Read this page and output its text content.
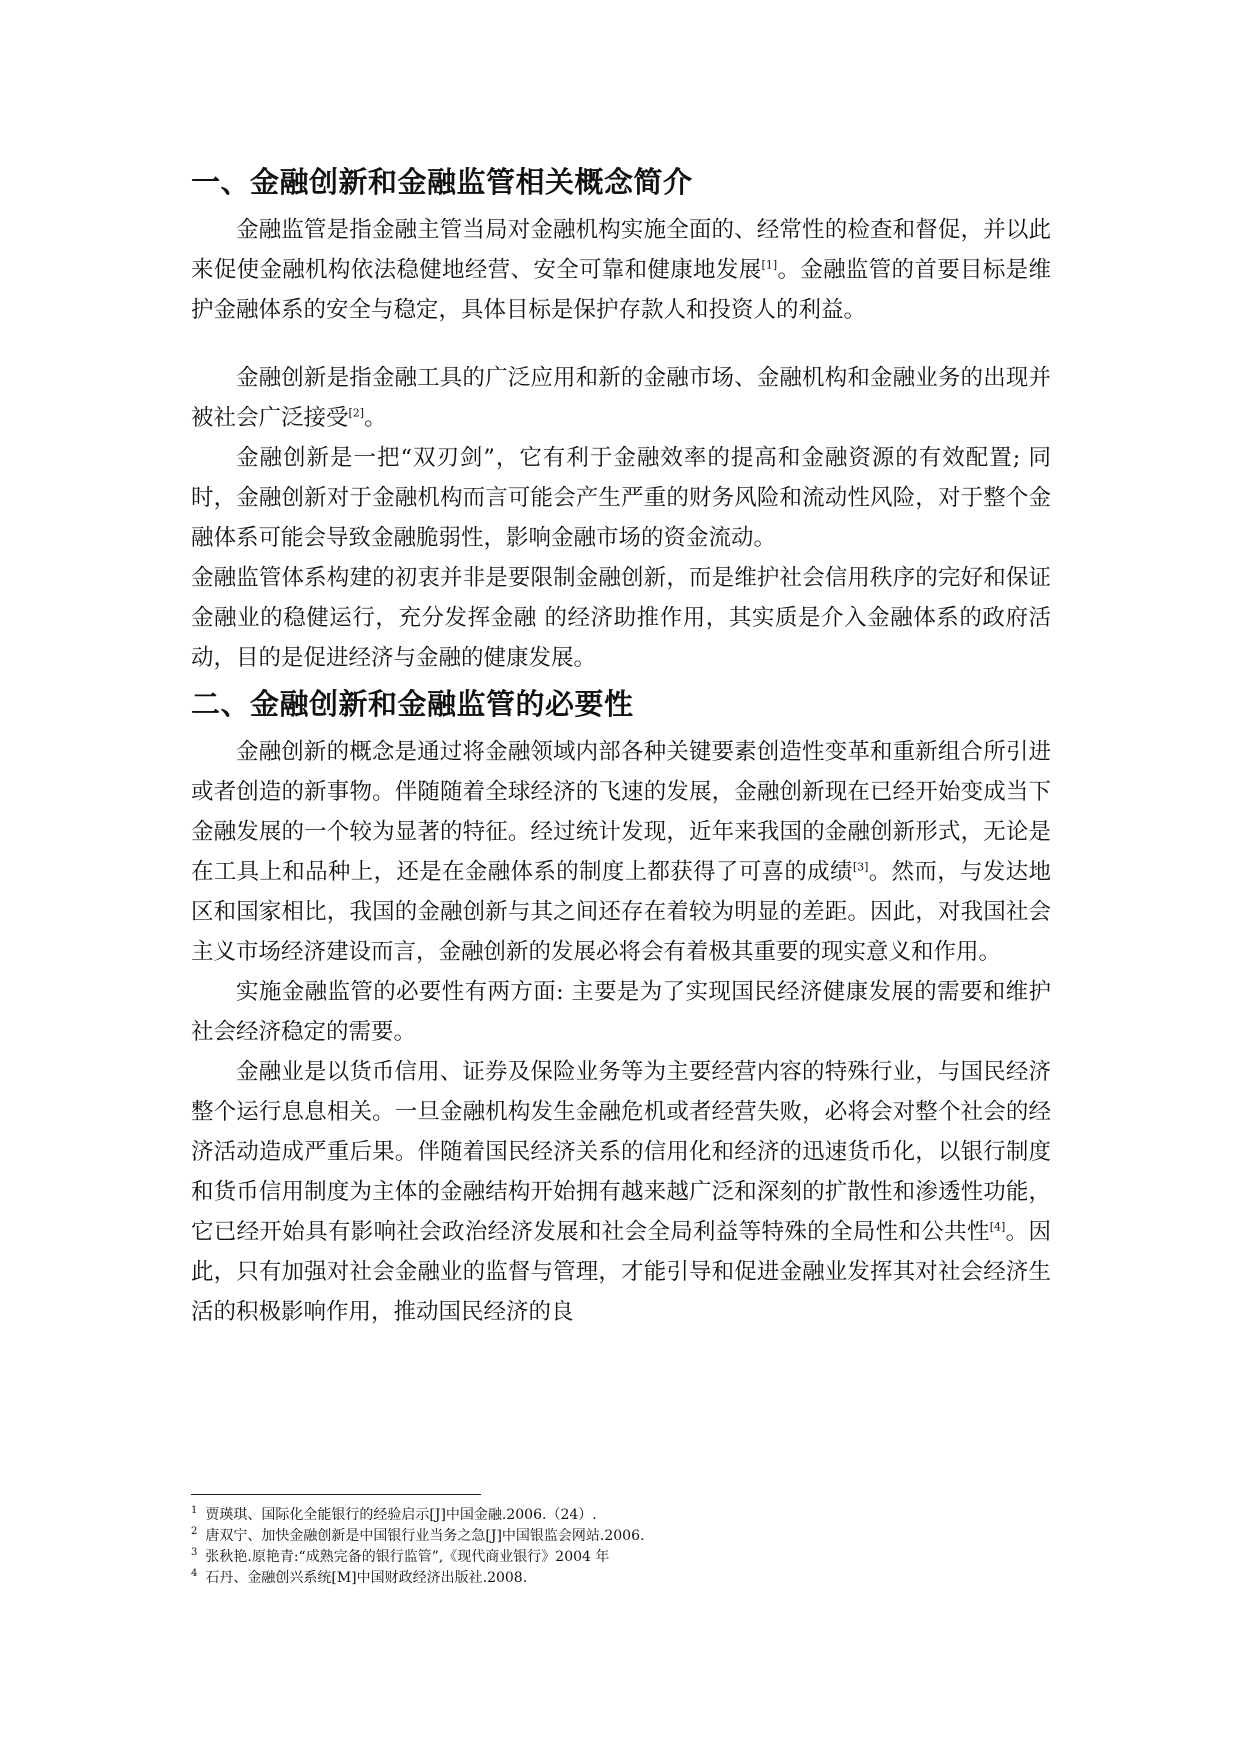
一、金融创新和金融监管相关概念简介

金融监管是指金融主管当局对金融机构实施全面的、经常性的检查和督促，并以此来促使金融机构依法稳健地经营、安全可靠和健康地发展[1]。金融监管的首要目标是维护金融体系的安全与稳定，具体目标是保护存款人和投资人的利益。

金融创新是指金融工具的广泛应用和新的金融市场、金融机构和金融业务的出现并被社会广泛接受[2]。

金融创新是一把“双刃剑”，它有利于金融效率的提高和金融资源的有效配置; 同时，金融创新对于金融机构而言可能会产生严重的财务风险和流动性风险，对于整个金融体系可能会导致金融脆弱性，影响金融市场的资金流动。

金融监管体系构建的初衷并非是要限制金融创新，而是维护社会信用秩序的完好和保证金融业的稳健运行，充分发挥金融 的经济助推作用，其实质是介入金融体系的政府活动，目的是促进经济与金融的健康发展。

二、金融创新和金融监管的必要性

金融创新的概念是通过将金融领域内部各种关键要素创造性变革和重新组合所引进或者创造的新事物。伴随随着全球经济的飞速的发展，金融创新现在已经开始变成当下金融发展的一个较为显著的特征。经过统计发现，近年来我国的金融创新形式，无论是在工具上和品种上，还是在金融体系的制度上都获得了可喜的成绩[3]。然而，与发达地区和国家相比，我国的金融创新与其之间还存在着较为明显的差距。因此，对我国社会主义市场经济建设而言，金融创新的发展必将会有着极其重要的现实意义和作用。

实施金融监管的必要性有两方面: 主要是为了实现国民经济健康发展的需要和维护社会经济稳定的需要。

金融业是以货币信用、证券及保险业务等为主要经营内容的特殊行业，与国民经济整个运行息息相关。一旦金融机构发生金融危机或者经营失败，必将会对整个社会的经济活动造成严重后果。伴随着国民经济关系的信用化和经济的迅速货币化，以银行制度和货币信用制度为主体的金融结构开始拥有越来越广泛和深刻的扩散性和渗透性功能，它已经开始具有影响社会政治经济发展和社会全局利益等特殊的全局性和公共性[4]。因此，只有加强对社会金融业的监督与管理，才能引导和促进金融业发挥其对社会经济生活的积极影响作用，推动国民经济的良

$^1$ 贾瑛琪、国际化全能银行的经验启示[J]中国金融.2006.（24）.
$^2$ 唐双宁、加快金融创新是中国银行业当务之急[J]中国银监会网站.2006.
$^3$ 张秋艳.原艳青:“成熟完备的银行监管”,《现代商业银行》2004 年
$^4$ 石丹、金融创兴系统[M]中国财政经济出版社.2008.
